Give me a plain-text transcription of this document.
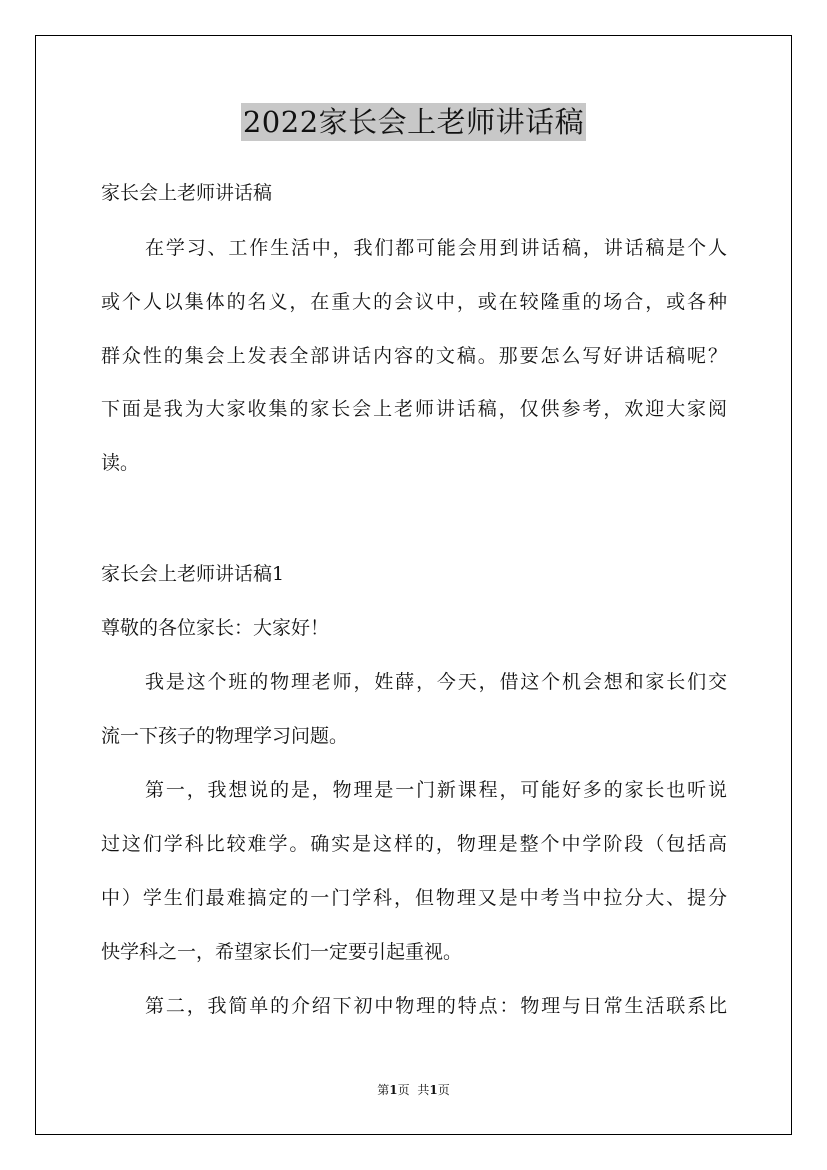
2022家长会上老师讲话稿
家长会上老师讲话稿
在学习、工作生活中，我们都可能会用到讲话稿，讲话稿是个人
或个人以集体的名义，在重大的会议中，或在较隆重的场合，或各种
群众性的集会上发表全部讲话内容的文稿。那要怎么写好讲话稿呢？
下面是我为大家收集的家长会上老师讲话稿，仅供参考，欢迎大家阅
读。
家长会上老师讲话稿1
尊敬的各位家长：大家好！
我是这个班的物理老师，姓薛，今天，借这个机会想和家长们交
流一下孩子的物理学习问题。
第一，我想说的是，物理是一门新课程，可能好多的家长也听说
过这们学科比较难学。确实是这样的，物理是整个中学阶段（包括高
中）学生们最难搞定的一门学科，但物理又是中考当中拉分大、提分
快学科之一，希望家长们一定要引起重视。
第二，我简单的介绍下初中物理的特点：物理与日常生活联系比
第1页 共1页
